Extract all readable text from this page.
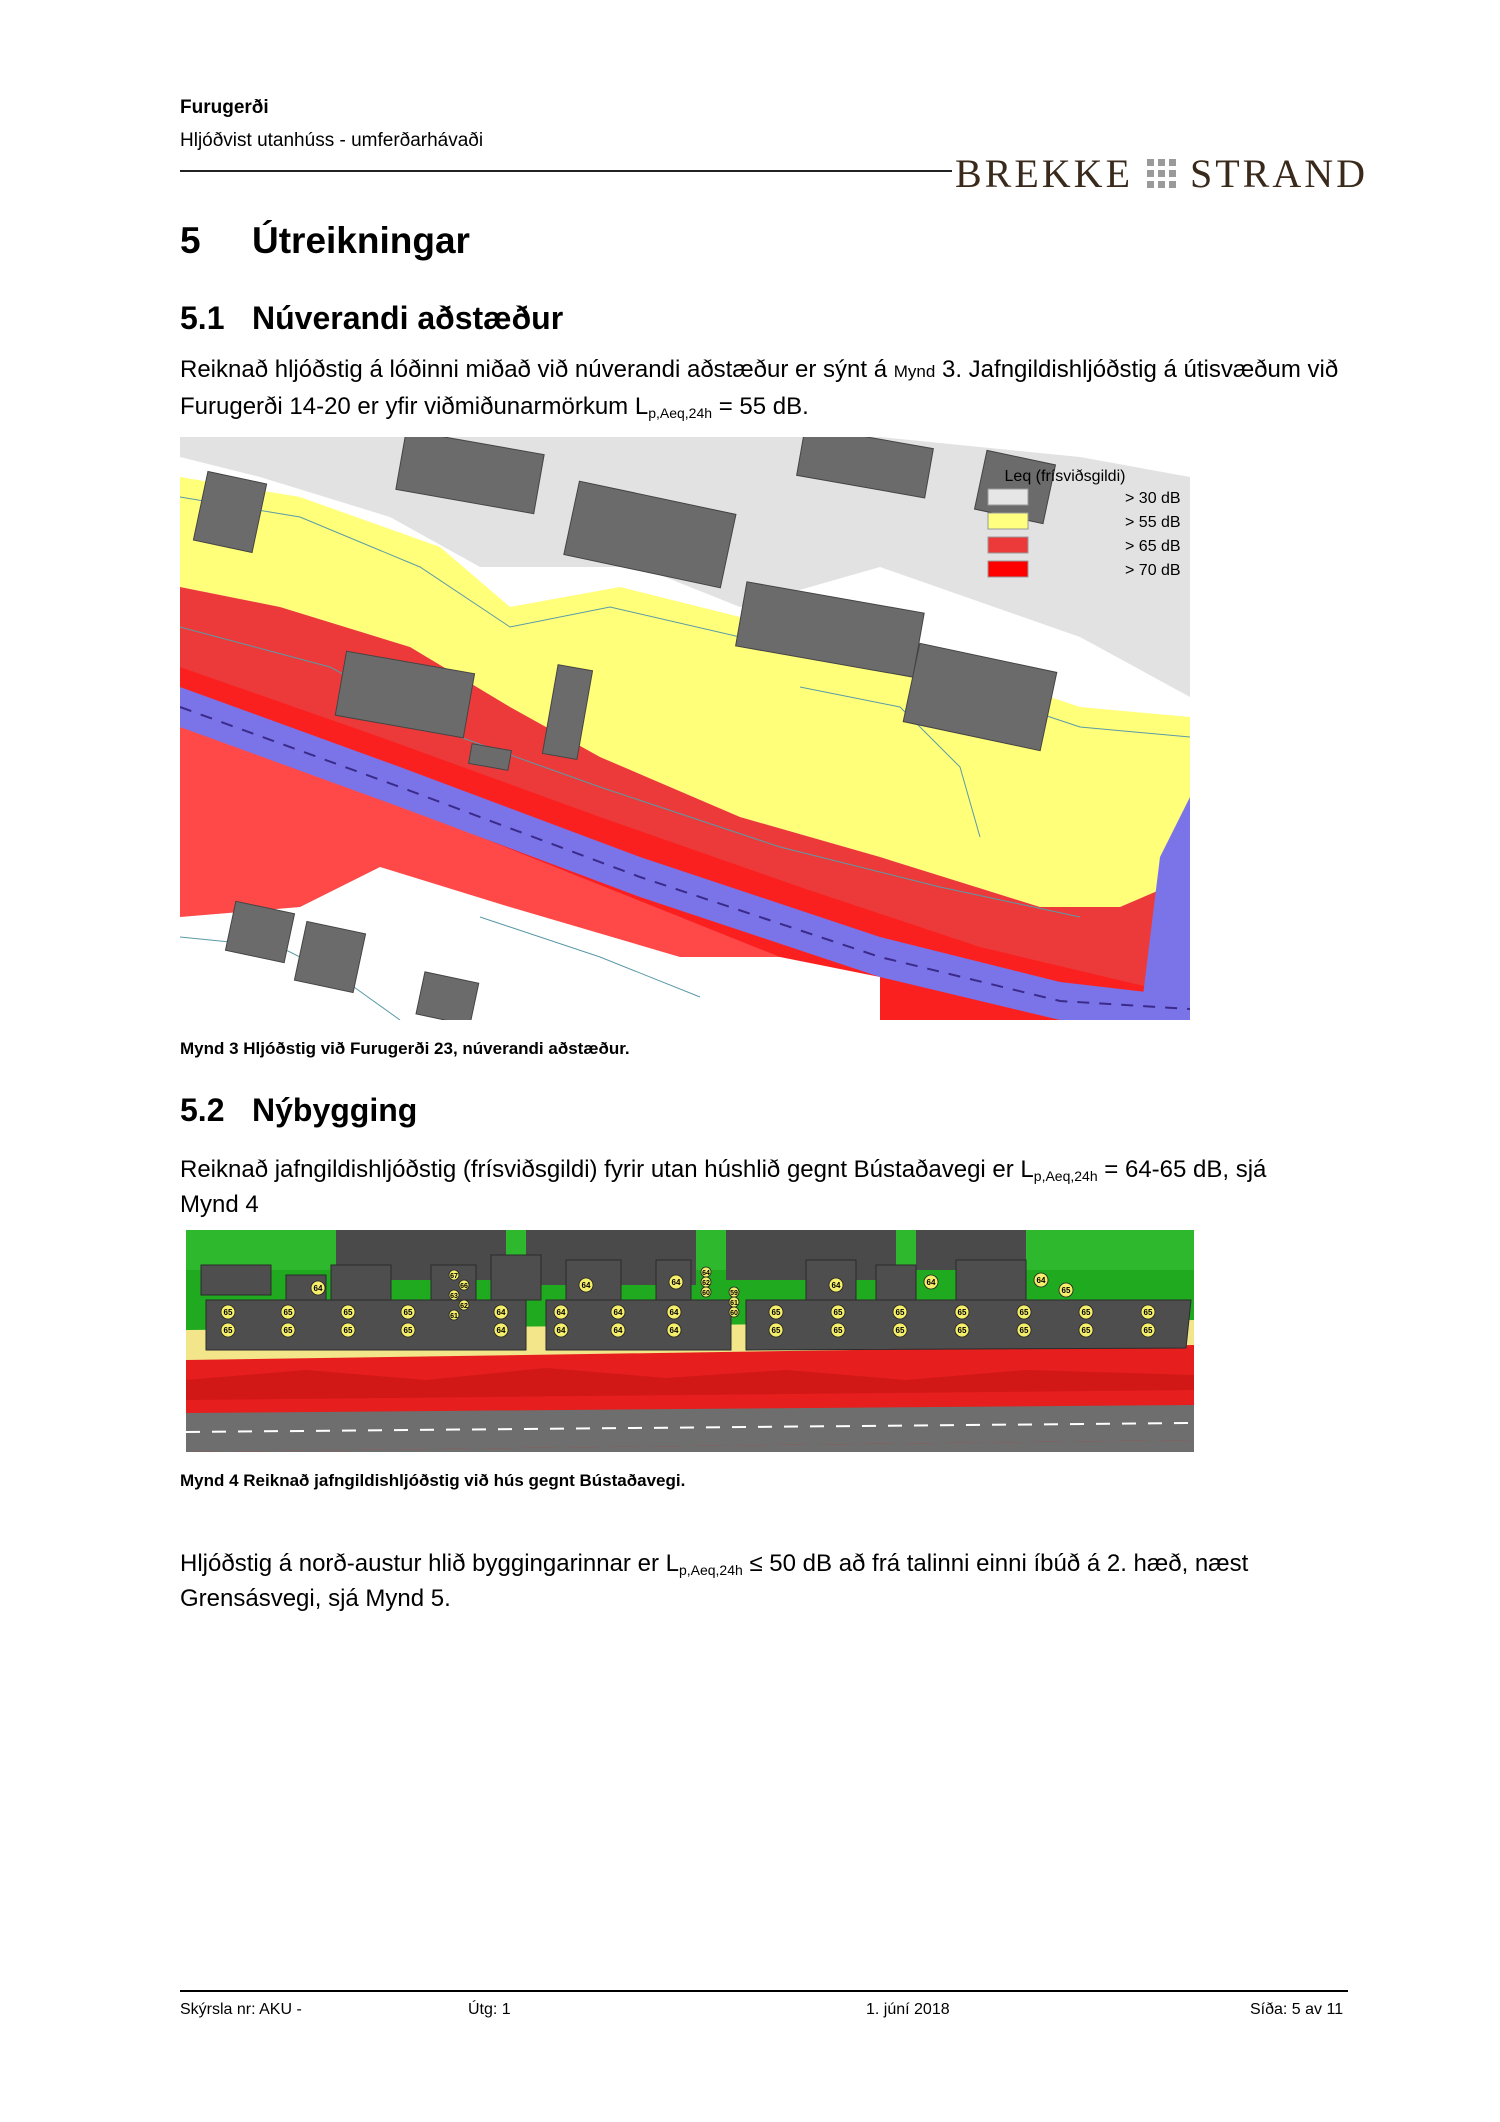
Furugerði
Hljóðvist utanhúss - umferðarhávaði
BREKKE STRAND
5 Útreikningar
5.1 Núverandi aðstæður
Reiknað hljóðstig á lóðinni miðað við núverandi aðstæður er sýnt á Mynd 3. Jafngildishljóðstig á útisvæðum við Furugerði 14-20 er yfir viðmiðunarmörkum $L_{p,Aeq,24h} = 55$ dB.
Leq (frísviðsgildi)
> 30 dB
> 55 dB
> 65 dB
> 70 dB
Mynd 3 Hljóðstig við Furugerði 23, núverandi aðstæður.
5.2 Nýbygging
Reiknað jafngildishljóðstig (frísviðsgildi) fyrir utan húshlið gegnt Bústaðavegi er $L_{p,Aeq,24h} = 64-65$ dB, sjá
Mynd 4
65	65	65	65	64	64	64	64	65	65	65	65	65	65	65
65	65	65	65	64	64	64	64	65	65	65	65	65	65	65
64	64	64	64	64	64
65
67
66
63
62
61
64
62
60	59
61
60
Mynd 4 Reiknað jafngildishljóðstig við hús gegnt Bústaðavegi.
Hljóðstig á norð-austur hlið byggingarinnar er $L_{p,Aeq,24h} \le 50$ dB að frá talinni einni íbúð á 2. hæð, næst
Grensásvegi, sjá Mynd 5.
Skýrsla nr: AKU -	Útg: 1	1. júní 2018	Síða: 5 av 11
